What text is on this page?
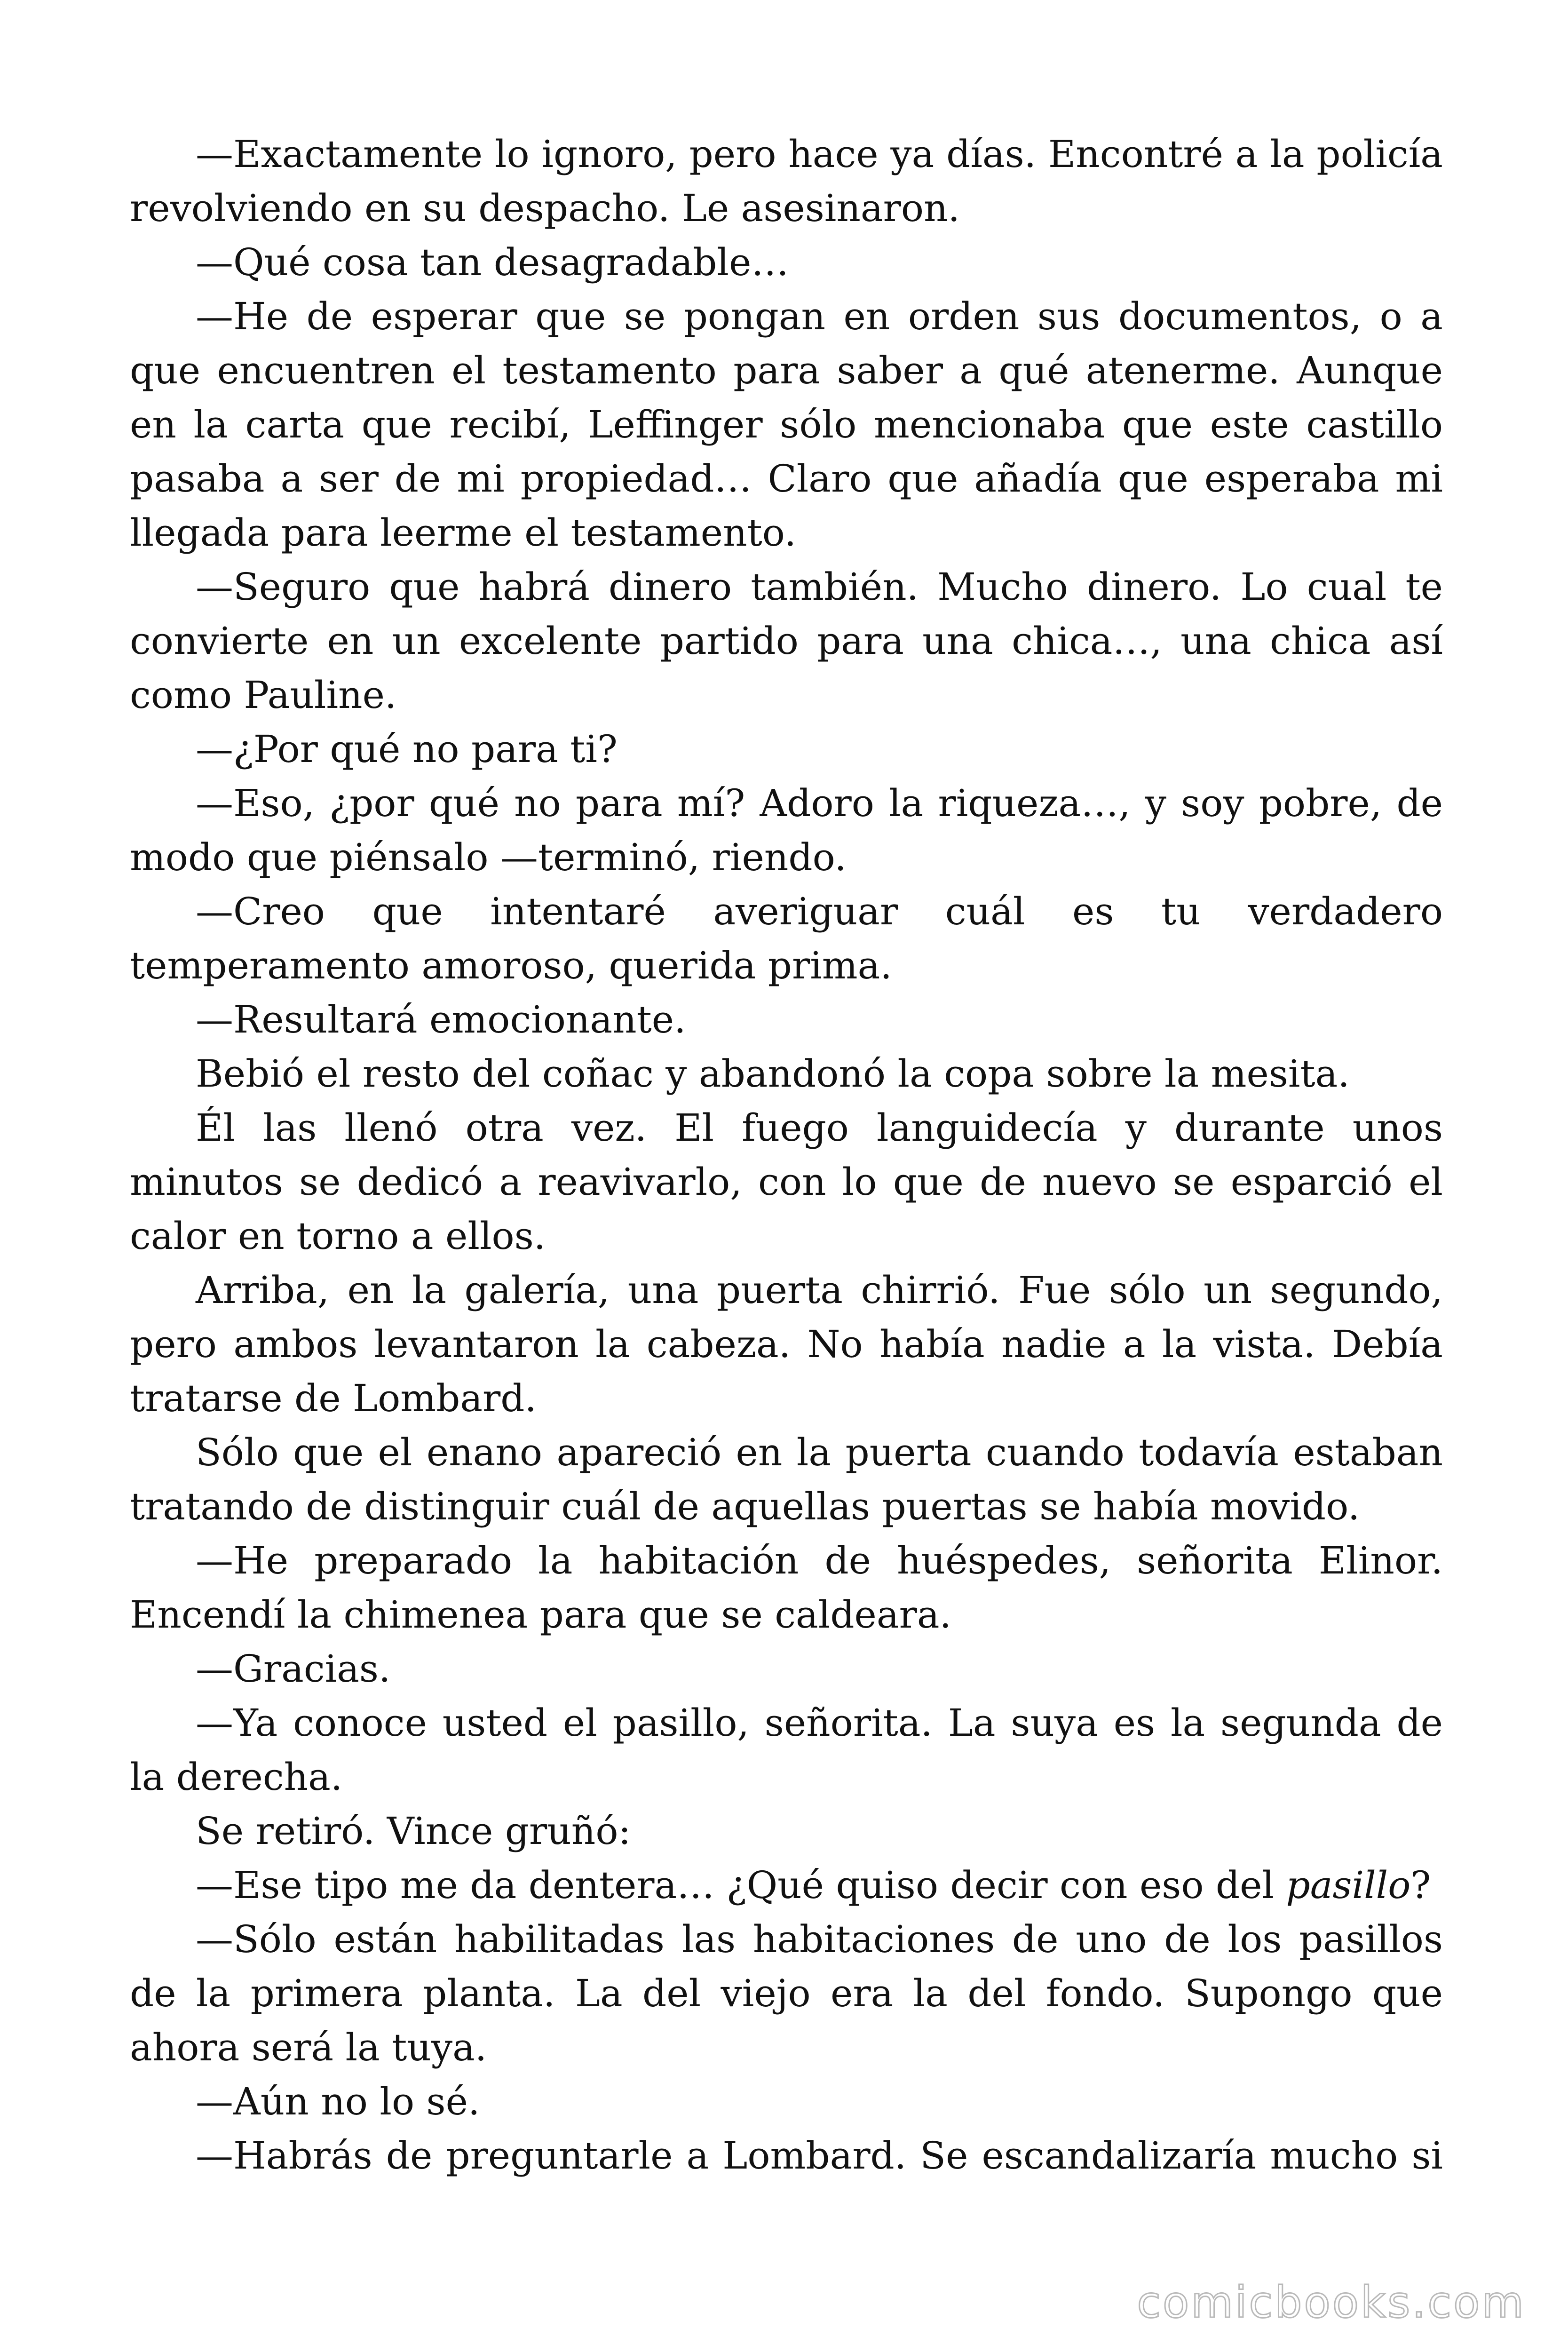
—Exactamente lo ignoro, pero hace ya días. Encontré a la policía revolviendo en su despacho. Le asesinaron.

—Qué cosa tan desagradable…

—He de esperar que se pongan en orden sus documentos, o a que encuentren el testamento para saber a qué atenerme. Aunque en la carta que recibí, Leffinger sólo mencionaba que este castillo pasaba a ser de mi propiedad… Claro que añadía que esperaba mi llegada para leerme el testamento.

—Seguro que habrá dinero también. Mucho dinero. Lo cual te convierte en un excelente partido para una chica…, una chica así como Pauline.

—¿Por qué no para ti?

—Eso, ¿por qué no para mí? Adoro la riqueza…, y soy pobre, de modo que piénsalo —terminó, riendo.

—Creo que intentaré averiguar cuál es tu verdadero temperamento amoroso, querida prima.

—Resultará emocionante.

Bebió el resto del coñac y abandonó la copa sobre la mesita.

Él las llenó otra vez. El fuego languidecía y durante unos minutos se dedicó a reavivarlo, con lo que de nuevo se esparció el calor en torno a ellos.

Arriba, en la galería, una puerta chirrió. Fue sólo un segundo, pero ambos levantaron la cabeza. No había nadie a la vista. Debía tratarse de Lombard.

Sólo que el enano apareció en la puerta cuando todavía estaban tratando de distinguir cuál de aquellas puertas se había movido.

—He preparado la habitación de huéspedes, señorita Elinor. Encendí la chimenea para que se caldeara.

—Gracias.

—Ya conoce usted el pasillo, señorita. La suya es la segunda de la derecha.

Se retiró. Vince gruñó:

—Ese tipo me da dentera… ¿Qué quiso decir con eso del pasillo?

—Sólo están habilitadas las habitaciones de uno de los pasillos de la primera planta. La del viejo era la del fondo. Supongo que ahora será la tuya.

—Aún no lo sé.

—Habrás de preguntarle a Lombard. Se escandalizaría mucho si

comicbooks.com
